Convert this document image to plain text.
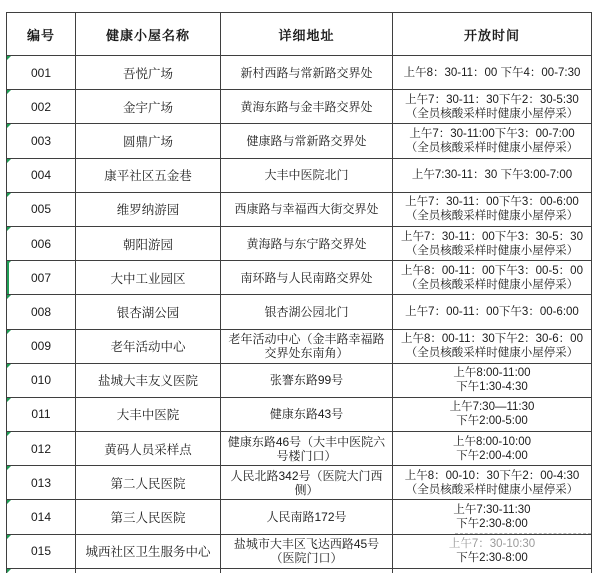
编号	健康小屋名称	详细地址	开放时间

001	吾悦广场	新村西路与常新路交界处	上午8：30-11：00 下午4：00-7:30

002	金宇广场	黄海东路与金丰路交界处	上午7：30-11：30下午2：30-5:30
（全员核酸采样时健康小屋停采）

003	圆鼎广场	健康路与常新路交界处	上午7：30-11:00下午3：00-7:00
（全员核酸采样时健康小屋停采）

004	康平社区五金巷	大丰中医院北门	上午7:30-11：30 下午3:00-7:00

005	维罗纳游园	西康路与幸福西大街交界处	上午7：30-11：00下午3：00-6:00
（全员核酸采样时健康小屋停采）

006	朝阳游园	黄海路与东宁路交界处	上午7：30-11：00下午3：30-5：30
（全员核酸采样时健康小屋停采）

007	大中工业园区	南环路与人民南路交界处	上午8：00-11：00下午3：00-5：00
（全员核酸采样时健康小屋停采）

008	银杏湖公园	银杏湖公园北门	上午7：00-11：00下午3：00-6:00

009	老年活动中心	老年活动中心（金丰路幸福路交界处东南角）	上午8：00-11：30下午2：30-6：00
（全员核酸采样时健康小屋停采）

010	盐城大丰友义医院	张謇东路99号	上午8:00-11:00
下午1:30-4:30

011	大丰中医院	健康东路43号	上午7:30—11:30
下午2:00-5:00

012	黄码人员采样点	健康东路46号（大丰中医院六号楼门口）	上午8:00-10:00
下午2:00-4:00

013	第二人民医院	人民北路342号（医院大门西侧）	上午8：00-10：30下午2：00-4:30
（全员核酸采样时健康小屋停采）

014	第三人民医院	人民南路172号	上午7:30-11:30
下午2:30-8:00

015	城西社区卫生服务中心	盐城市大丰区飞达西路45号（医院门口）	上午7：30-10:30
下午2:30-8:00
